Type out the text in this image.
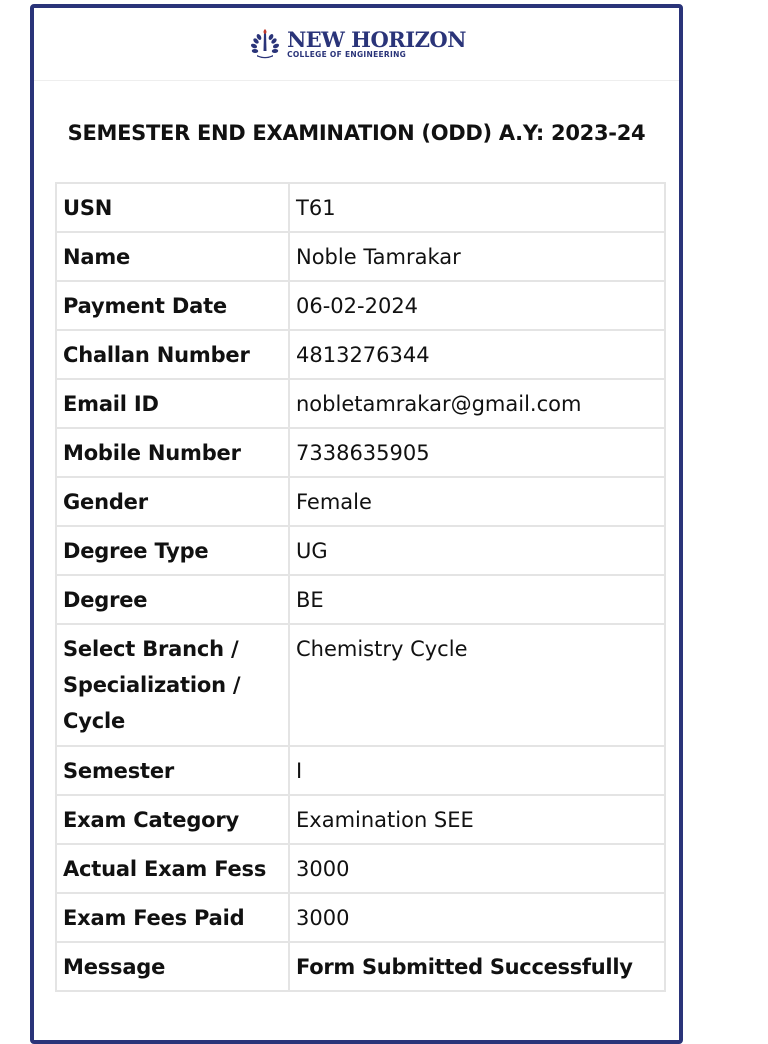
NEW HORIZON
COLLEGE OF ENGINEERING
SEMESTER END EXAMINATION (ODD) A.Y: 2023-24
USN	T61
Name	Noble Tamrakar
Payment Date	06-02-2024
Challan Number	4813276344
Email ID	nobletamrakar@gmail.com
Mobile Number	7338635905
Gender	Female
Degree Type	UG
Degree	BE
Select Branch / Specialization / Cycle	Chemistry Cycle
Semester	I
Exam Category	Examination SEE
Actual Exam Fess	3000
Exam Fees Paid	3000
Message	Form Submitted Successfully
